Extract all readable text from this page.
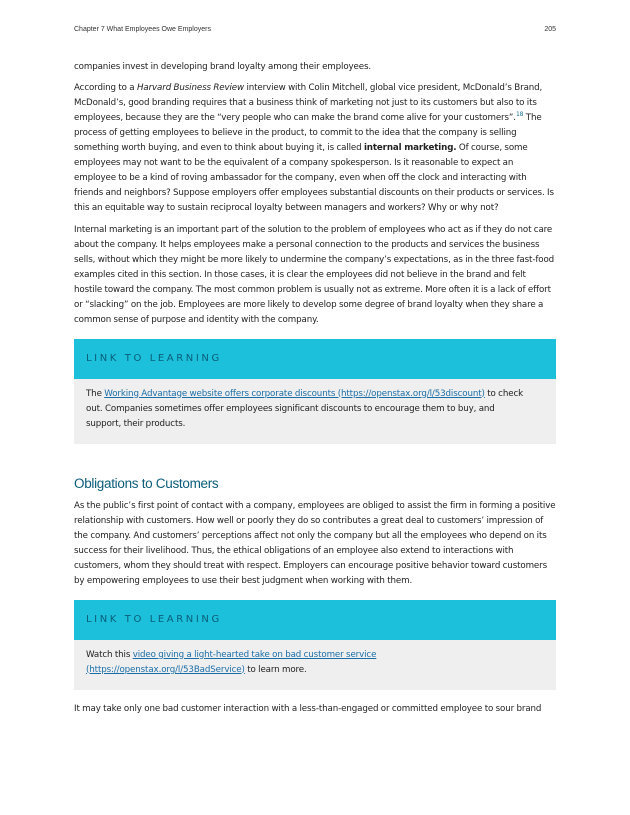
Chapter 7 What Employees Owe Employers	205

companies invest in developing brand loyalty among their employees.

According to a Harvard Business Review interview with Colin Mitchell, global vice president, McDonald’s Brand, McDonald’s, good branding requires that a business think of marketing not just to its customers but also to its employees, because they are the “very people who can make the brand come alive for your customers”.$^{18}$ The process of getting employees to believe in the product, to commit to the idea that the company is selling something worth buying, and even to think about buying it, is called internal marketing. Of course, some employees may not want to be the equivalent of a company spokesperson. Is it reasonable to expect an employee to be a kind of roving ambassador for the company, even when off the clock and interacting with friends and neighbors? Suppose employers offer employees substantial discounts on their products or services. Is this an equitable way to sustain reciprocal loyalty between managers and workers? Why or why not?

Internal marketing is an important part of the solution to the problem of employees who act as if they do not care about the company. It helps employees make a personal connection to the products and services the business sells, without which they might be more likely to undermine the company’s expectations, as in the three fast-food examples cited in this section. In those cases, it is clear the employees did not believe in the brand and felt hostile toward the company. The most common problem is usually not as extreme. More often it is a lack of effort or “slacking” on the job. Employees are more likely to develop some degree of brand loyalty when they share a common sense of purpose and identity with the company.

LINK TO LEARNING

The Working Advantage website offers corporate discounts (https://openstax.org/l/53discount) to check out. Companies sometimes offer employees significant discounts to encourage them to buy, and support, their products.

Obligations to Customers

As the public’s first point of contact with a company, employees are obliged to assist the firm in forming a positive relationship with customers. How well or poorly they do so contributes a great deal to customers’ impression of the company. And customers’ perceptions affect not only the company but all the employees who depend on its success for their livelihood. Thus, the ethical obligations of an employee also extend to interactions with customers, whom they should treat with respect. Employers can encourage positive behavior toward customers by empowering employees to use their best judgment when working with them.

LINK TO LEARNING

Watch this video giving a light-hearted take on bad customer service (https://openstax.org/l/53BadService) to learn more.

It may take only one bad customer interaction with a less-than-engaged or committed employee to sour brand
